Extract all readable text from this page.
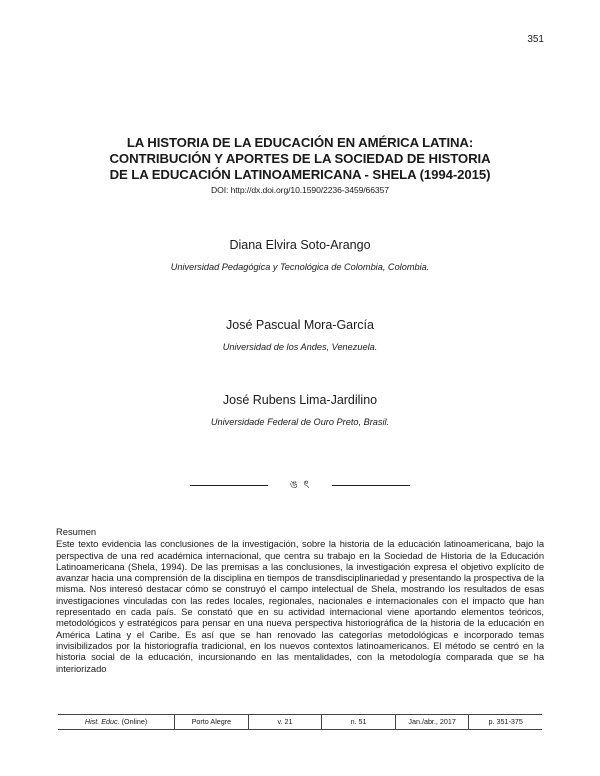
351
LA HISTORIA DE LA EDUCACIÓN EN AMÉRICA LATINA:
CONTRIBUCIÓN Y APORTES DE LA SOCIEDAD DE HISTORIA
DE LA EDUCACIÓN LATINOAMERICANA - SHELA (1994-2015)
DOI: http://dx.doi.org/10.1590/2236-3459/66357
Diana Elvira Soto-Arango
Universidad Pedagógica y Tecnológica de Colombia, Colombia.
José Pascual Mora-García
Universidad de los Andes, Venezuela.
José Rubens Lima-Jardilino
Universidade Federal de Ouro Preto, Brasil.
ঙ ৎ
Resumen

Este texto evidencia las conclusiones de la investigación, sobre la historia de la educación latinoamericana, bajo la perspectiva de una red académica internacional, que centra su trabajo en la Sociedad de Historia de la Educación Latinoamericana (Shela, 1994). De las premisas a las conclusiones, la investigación expresa el objetivo explícito de avanzar hacia una comprensión de la disciplina en tiempos de transdisciplinariedad y presentando la prospectiva de la misma. Nos interesó destacar cómo se construyó el campo intelectual de Shela, mostrando los resultados de esas investigaciones vinculadas con las redes locales, regionales, nacionales e internacionales con el impacto que han representado en cada país. Se constató que en su actividad internacional viene aportando elementos teóricos, metodológicos y estratégicos para pensar en una nueva perspectiva historiográfica de la historia de la educación en América Latina y el Caribe. Es así que se han renovado las categorías metodológicas e incorporado temas invisibilizados por la historiografía tradicional, en los nuevos contextos latinoamericanos. El método se centró en la historia social de la educación, incursionando en las mentalidades, con la metodología comparada que se ha interiorizado

Hist. Educ. (Online)	Porto Alegre	v. 21	n. 51	Jan./abr., 2017	p. 351-375
